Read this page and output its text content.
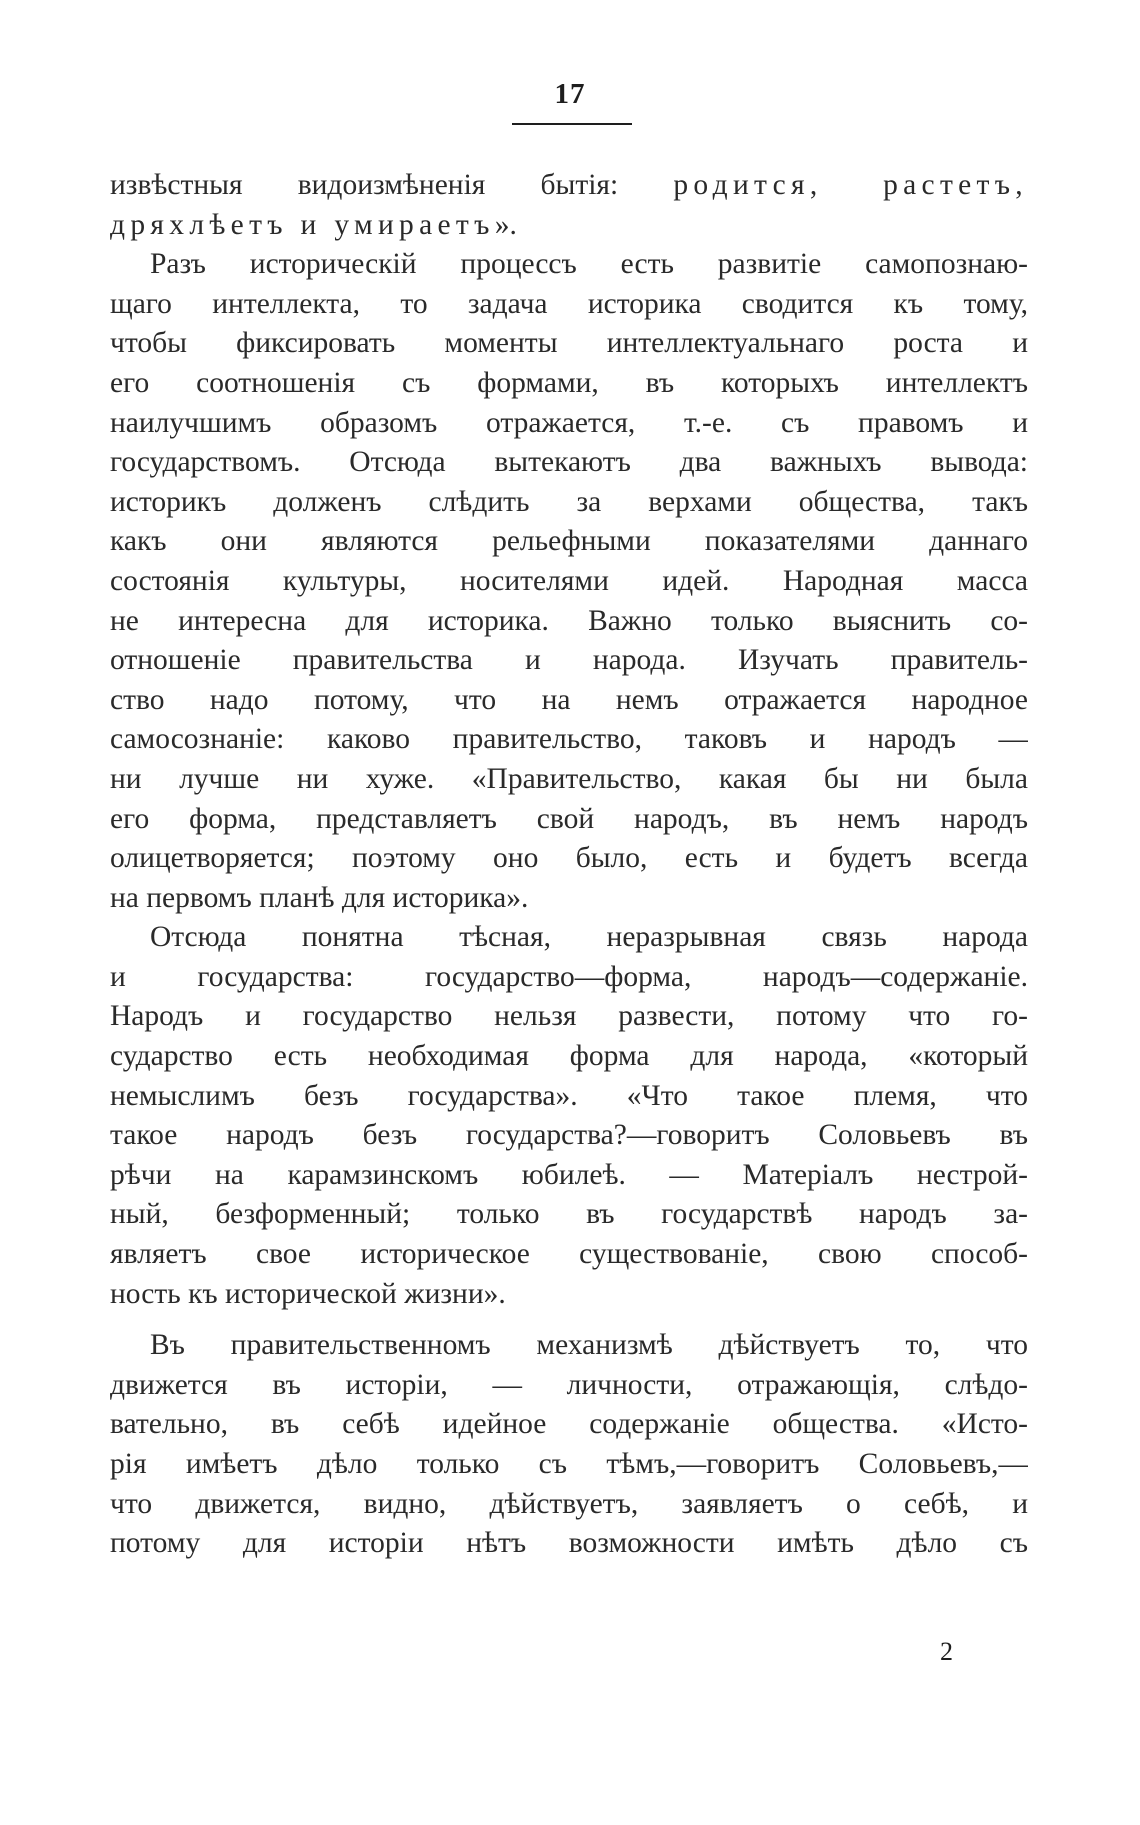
17
извѣстныя видоизмѣненія бытія: родится, растетъ,
дряхлѣетъ и умираетъ».
Разъ историческій процессъ есть развитіе самопознаю-
щаго интеллекта, то задача историка сводится къ тому,
чтобы фиксировать моменты интеллектуальнаго роста и
его соотношенія съ формами, въ которыхъ интеллектъ
наилучшимъ образомъ отражается, т.-е. съ правомъ и
государствомъ. Отсюда вытекаютъ два важныхъ вывода:
историкъ долженъ слѣдить за верхами общества, такъ
какъ они являются рельефными показателями даннаго
состоянія культуры, носителями идей. Народная масса
не интересна для историка. Важно только выяснить со-
отношеніе правительства и народа. Изучать правитель-
ство надо потому, что на немъ отражается народное
самосознаніе: каково правительство, таковъ и народъ —
ни лучше ни хуже. «Правительство, какая бы ни была
его форма, представляетъ свой народъ, въ немъ народъ
олицетворяется; поэтому оно было, есть и будетъ всегда
на первомъ планѣ для историка».
Отсюда понятна тѣсная, неразрывная связь народа
и государства: государство—форма, народъ—содержаніе.
Народъ и государство нельзя развести, потому что го-
сударство есть необходимая форма для народа, «который
немыслимъ безъ государства». «Что такое племя, что
такое народъ безъ государства?—говоритъ Соловьевъ въ
рѣчи на карамзинскомъ юбилеѣ. — Матеріалъ нестрой-
ный, безформенный; только въ государствѣ народъ за-
являетъ свое историческое существованіе, свою способ-
ность къ исторической жизни».
Въ правительственномъ механизмѣ дѣйствуетъ то, что
движется въ исторіи, — личности, отражающія, слѣдо-
вательно, въ себѣ идейное содержаніе общества. «Исто-
рія имѣетъ дѣло только съ тѣмъ,—говоритъ Соловьевъ,—
что движется, видно, дѣйствуетъ, заявляетъ о себѣ, и
потому для исторіи нѣтъ возможности имѣть дѣло съ
2
